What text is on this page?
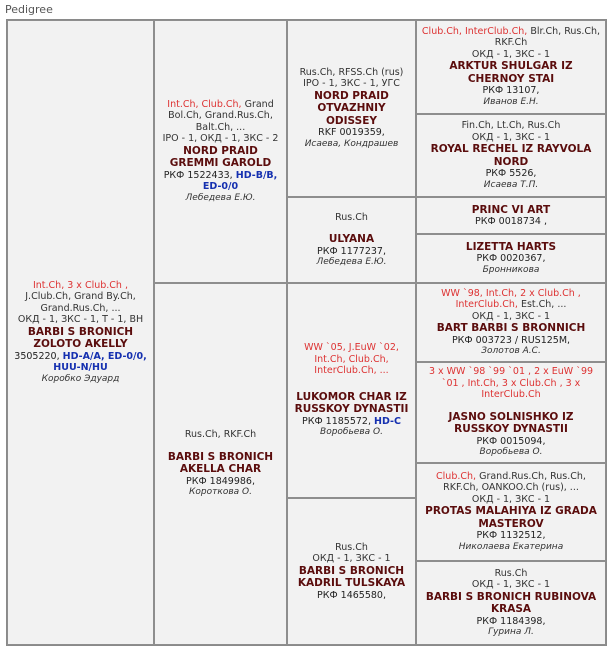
Pedigree
Int.Ch, 3 x Club.Ch ,
J.Club.Ch, Grand By.Ch, Grand.Rus.Ch, ...
ОКД - 1, ЗКС - 1, Т - 1, ВН
BARBI S BRONICH ZOLOTO AKELLY
3505220, HD-A/A, ED-0/0, HUU-N/HU
Коробко Эдуард
Int.Ch, Club.Ch, Grand Bol.Ch, Grand.Rus.Ch, Balt.Ch, ...
IPO - 1, ОКД - 1, ЗКС - 2
NORD PRAID GREMMI GAROLD
РКФ 1522433, HD-B/B, ED-0/0
Лебедева Е.Ю.
Rus.Ch, RKF.Ch
BARBI S BRONICH AKELLA CHAR
РКФ 1849986,
Короткова О.
Rus.Ch, RFSS.Ch (rus)
IPO - 1, ЗКС - 1, УГС
NORD PRAID OTVAZHNIY ODISSEY
RKF 0019359,
Исаева, Кондрашев
Rus.Ch
ULYANA
РКФ 1177237,
Лебедева Е.Ю.
WW `05, J.EuW `02, Int.Ch, Club.Ch, InterClub.Ch, ...
LUKOMOR CHAR IZ RUSSKOY DYNASTII
РКФ 1185572, HD-C
Воробьева О.
Rus.Ch
ОКД - 1, ЗКС - 1
BARBI S BRONICH KADRIL TULSKAYA
РКФ 1465580,
Club.Ch, InterClub.Ch, Blr.Ch, Rus.Ch, RKF.Ch
ОКД - 1, ЗКС - 1
ARKTUR SHULGAR IZ CHERNOY STAI
РКФ 13107,
Иванов Е.Н.
Fin.Ch, Lt.Ch, Rus.Ch
ОКД - 1, ЗКС - 1
ROYAL RECHEL IZ RAYVOLA NORD
РКФ 5526,
Исаева Т.П.
PRINC VI ART
РКФ 0018734 ,
LIZETTA HARTS
РКФ 0020367,
Бронникова
WW `98, Int.Ch, 2 x Club.Ch , InterClub.Ch, Est.Ch, ...
ОКД - 1, ЗКС - 1
BART BARBI S BRONNICH
РКФ 003723 / RUS125M,
Золотов А.С.
3 x WW `98 `99 `01 , 2 x EuW `99 `01 , Int.Ch, 3 x Club.Ch , 3 x InterClub.Ch
JASNO SOLNISHKO IZ RUSSKOY DYNASTII
РКФ 0015094,
Воробьева О.
Club.Ch, Grand.Rus.Ch, Rus.Ch, RKF.Ch, OANKOO.Ch (rus), ...
ОКД - 1, ЗКС - 1
PROTAS MALAHIYA IZ GRADA MASTEROV
РКФ 1132512,
Николаева Екатерина
Rus.Ch
ОКД - 1, ЗКС - 1
BARBI S BRONICH RUBINOVA KRASA
РКФ 1184398,
Гурина Л.
